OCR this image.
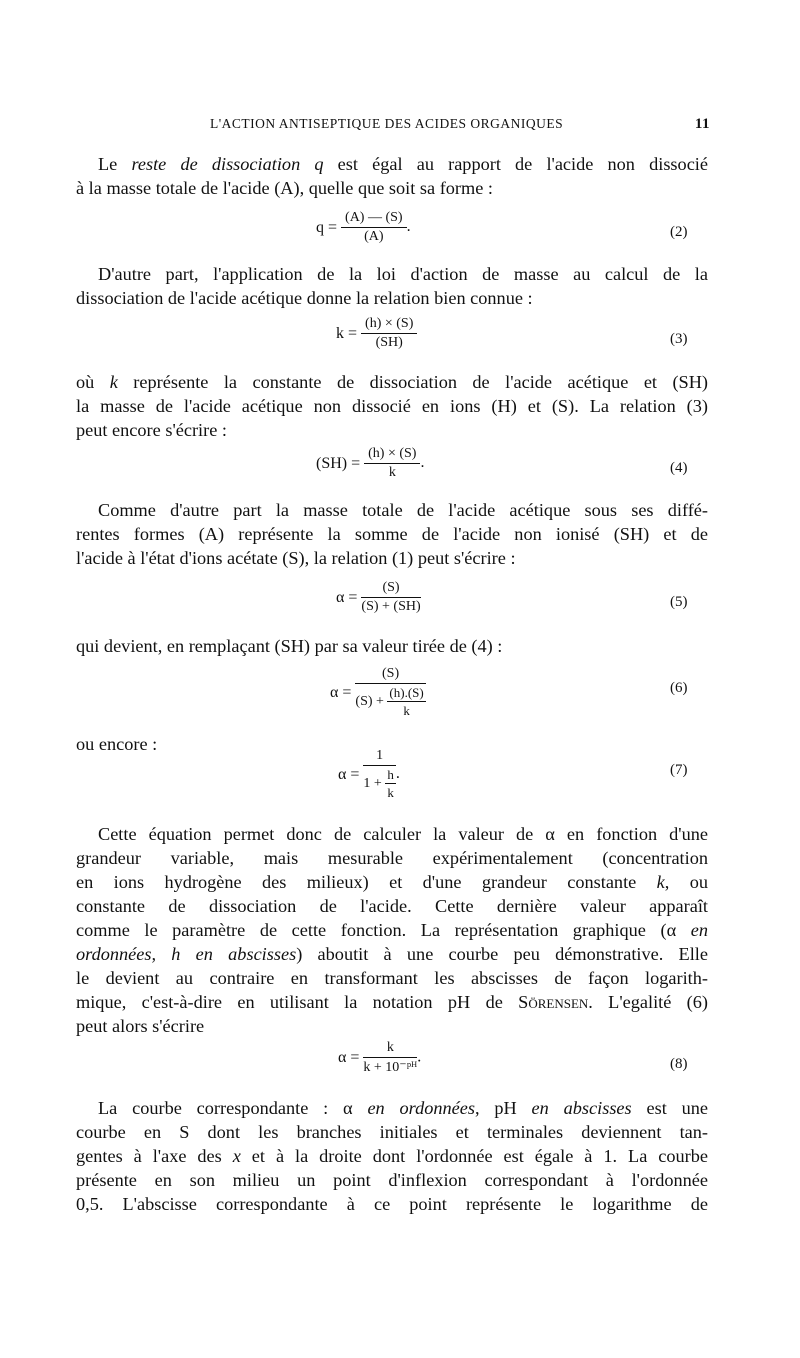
L'ACTION ANTISEPTIQUE DES ACIDES ORGANIQUES	11
Le reste de dissociation q est égal au rapport de l'acide non dissocié
à la masse totale de l'acide (A), quelle que soit sa forme :
$q = \frac{(A) — (S)}{(A)}$ .	(2)
D'autre part, l'application de la loi d'action de masse au calcul de la
dissociation de l'acide acétique donne la relation bien connue :
$k = \frac{(h) \times (S)}{(SH)}$	(3)
où k représente la constante de dissociation de l'acide acétique et (SH)
la masse de l'acide acétique non dissocié en ions (H) et (S). La relation (3)
peut encore s'écrire :
$(SH) = \frac{(h) \times (S)}{k}$ .	(4)
Comme d'autre part la masse totale de l'acide acétique sous ses diffé-
rentes formes (A) représente la somme de l'acide non ionisé (SH) et de
l'acide à l'état d'ions acétate (S), la relation (1) peut s'écrire :
$\alpha = \frac{(S)}{(S) + (SH)}$	(5)
qui devient, en remplaçant (SH) par sa valeur tirée de (4) :
$\alpha = \frac{(S)}{(S) + \frac{(h).(S)}{k}}$	(6)
ou encore :
$\alpha = \frac{1}{1 + \frac{h}{k}}$ .	(7)
Cette équation permet donc de calculer la valeur de α en fonction d'une
grandeur variable, mais mesurable expérimentalement (concentration
en ions hydrogène des milieux) et d'une grandeur constante k, ou
constante de dissociation de l'acide. Cette dernière valeur apparaît
comme le paramètre de cette fonction. La représentation graphique (α en
ordonnées, h en abscisses) aboutit à une courbe peu démonstrative. Elle
le devient au contraire en transformant les abscisses de façon logarith-
mique, c'est-à-dire en utilisant la notation pH de Sörensen. L'egalité (6)
peut alors s'écrire
$\alpha = \frac{k}{\text{k + 10⁻ᵖᴴ}}$ .	(8)
La courbe correspondante : α en ordonnées, pH en abscisses est une
courbe en S dont les branches initiales et terminales deviennent tan-
gentes à l'axe des x et à la droite dont l'ordonnée est égale à 1. La courbe
présente en son milieu un point d'inflexion correspondant à l'ordonnée
0,5. L'abscisse correspondante à ce point représente le logarithme de
